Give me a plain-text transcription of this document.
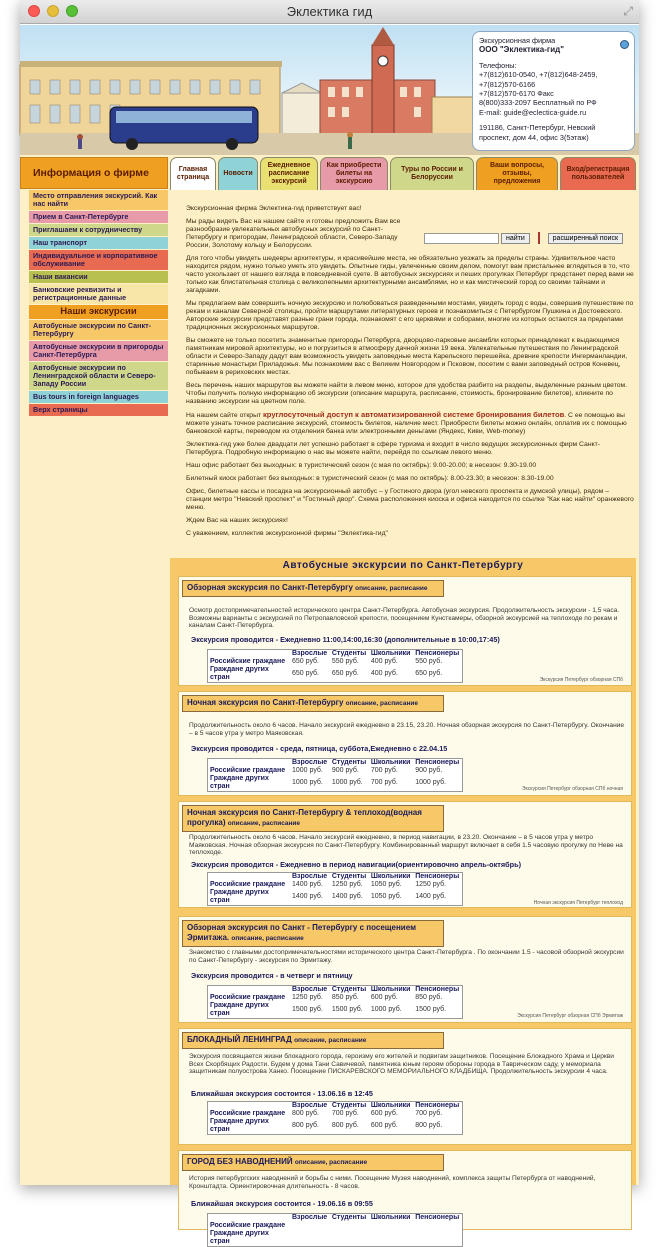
Эклектика гид	⤢
Экскурсионная фирма
ООО "Эклектика-гид"
Телефоны:
+7(812)610-0540, +7(812)648-2459,
+7(812)570-6166
+7(812)570-6170 Факс
8(800)333-2097 Бесплатный по РФ
E-mail: guide@eclectica-guide.ru
191186, Санкт-Петербург, Невский проспект, дом 44, офис 3(5этаж)
Информация о фирме	Главная страница
Новости
Ежедневное расписание экскурсий
Как приобрести билеты на экскурсию
Туры по России и Белоруссии
Ваши вопросы, отзывы, предложения
Вход/регистрация пользователей
Место отправления экскурсий. Как нас найти
Прием в Санкт-Петербурге
Приглашаем к сотрудничеству
Наш транспорт
Индивидуальное и корпоративное обслуживание
Наши вакансии
Банковские реквизиты и регистрационные данные
Наши экскурсии
Автобусные экскурсии по Санкт-Петербургу
Автобусные экскурсии в пригороды Санкт-Петербурга
Автобусные экскурсии по Ленинградской области и Северо-Западу России
Bus tours in foreign languages
Верх страницы
найти	расширенный поиск

Экскурсионная фирма Эклектика-гид приветствует вас!

Мы рады видеть Вас на нашем сайте и готовы предложить Вам все разнообразие увлекательных автобусных экскурсий по Санкт-Петербургу и пригородам, Ленинградской области, Северо-Западу России, Золотому кольцу и Белоруссии.

Для того чтобы увидеть шедевры архитектуры, и красивейшие места, не обязательно уезжать за пределы страны. Удивительное часто находится рядом, нужно только уметь это увидеть. Опытные гиды, увлеченные своим делом, помогут вам пристальнее вглядеться в то, что часто ускользает от нашего взгляда в повседневной суете. В автобусных экскурсиях и пеших прогулках Петербург предстанет перед вами не только как блистательная столица с великолепными архитектурными ансамблями, но и как мистический город со своими тайнами и загадками.

Мы предлагаем вам совершить ночную экскурсию и полюбоваться разведенными мостами, увидеть город с воды, совершив путешествие по рекам и каналам Северной столицы, пройти маршрутами литературных героев и познакомиться с Петербургом Пушкина и Достоевского. Авторские экскурсии представят разные грани города, познакомят с его церквями и соборами, многие из которых остаются за пределами традиционных экскурсионных маршрутов.

Вы сможете не только посетить знаменитые пригороды Петербурга, дворцово-парковые ансамбли которых принадлежат к выдающимся памятникам мировой архитектуры, но и погрузиться в атмосферу дачной жизни 19 века. Увлекательные путешествия по Ленинградской области и Северо-Западу дадут вам возможность увидеть заповедные места Карельского перешейка, древние крепости Ингерманландии, старинные монастыри Приладожья. Мы познакомим вас с Великим Новгородом и Псковом, посетим с вами заповедный остров Коневец, побываем в рериховских местах.

Весь перечень наших маршрутов вы можете найти в левом меню, которое для удобства разбито на разделы, выделенные разным цветом. Чтобы получить полную информацию об экскурсии (описание маршрута, расписание, стоимость, бронирование билетов), кликните по названию экскурсии на цветном поле.

На нашем сайте открыт круглосуточный доступ к автоматизированной системе бронирования билетов. С ее помощью вы можете узнать точное расписание экскурсий, стоимость билетов, наличие мест. Приобрести билеты можно онлайн, оплатив их с помощью банковской карты, переводом из отделения банка или электронными деньгами (Яндекс, Киви, Web-money)

Эклектика-гид уже более двадцати лет успешно работает в сфере туризма и входит в число ведущих экскурсионных фирм Санкт-Петербурга. Подробную информацию о нас вы можете найти, перейдя по ссылкам левого меню.

Наш офис работает без выходных: в туристический сезон (с мая по октябрь): 9.00-20.00; в несезон: 9.30-19.00

Билетный киоск работает без выходных: в туристический сезон (с мая по октябрь): 8.00-23.30; в несезон: 8.30-19.00

Офис, билетные кассы и посадка на экскурсионный автобус – у Гостиного двора (угол невского проспекта и думской улицы), рядом – станции метро "Невский проспект" и "Гостиный двор". Схема расположения киоска и офиса находится по ссылке "Как нас найти" оранжевого меню.

Ждем Вас на наших экскурсиях!

С уважением, коллектив экскурсионной фирмы "Эклектика-гид"

Автобусные экскурсии по Санкт-Петербургу
Обзорная экскурсия по Санкт-Петербургу описание, расписание
Осмотр достопримечательностей исторического центра Санкт-Петербурга. Автобусная экскурсия. Продолжительность экскурсии - 1,5 часа. Возможны варианты с экскурсией по Петропавловской крепости, посещением Кунсткамеры, обзорной экскурсией на теплоходе по рекам и каналам Санкт-Петербурга.
Экскурсия проводится - Ежедневно 11:00,14:00,16:30 (дополнительные в 10:00,17:45)
	Взрослые	Студенты	Школьники	Пенсионеры
Российские граждане	650 руб.	550 руб.	400 руб.	550 руб.
Граждане других стран	650 руб.	650 руб.	400 руб.	650 руб.
Экскурсия Петербург обзорная СПб
Ночная экскурсия по Санкт-Петербургу описание, расписание
Продолжительность около 6 часов. Начало экскурсий ежедневно в 23.15, 23.20. Ночная обзорная экскурсия по Санкт-Петербургу. Окончание – в 5 часов утра у метро Маяковская.
Экскурсия проводится - среда, пятница, суббота,Ежедневно с 22.04.15
	Взрослые	Студенты	Школьники	Пенсионеры
Российские граждане	1000 руб.	900 руб.	700 руб.	900 руб.
Граждане других стран	1000 руб.	1000 руб.	700 руб.	1000 руб.
Экскурсия Петербург обзорная СПб ночная
Ночная экскурсия по Санкт-Петербургу & теплоход(водная прогулка) описание, расписание
Продолжительность около 6 часов. Начало экскурсий ежедневно, в период навигации, в 23.20. Окончание – в 5 часов утра у метро Маяковская. Ночная обзорная экскурсия по Санкт-Петербургу. Комбинированный маршрут включает в себя 1.5 часовую прогулку по Неве на теплоходе.
Экскурсия проводится - Ежедневно в период навигации(ориентировочно апрель-октябрь)
	Взрослые	Студенты	Школьники	Пенсионеры
Российские граждане	1400 руб.	1250 руб.	1050 руб.	1250 руб.
Граждане других стран	1400 руб.	1400 руб.	1050 руб.	1400 руб.
Ночная экскурсия Петербург теплоход
Обзорная экскурсия по Санкт - Петербургу с посещением Эрмитажа. описание, расписание
Знакомство с главными достопримечательностями исторического центра Санкт-Петербурга . По окончании 1.5 - часовой обзорной экскурсии по Санкт-Петербургу - экскурсия по Эрмитажу.
Экскурсия проводится - в четверг и пятницу
	Взрослые	Студенты	Школьники	Пенсионеры
Российские граждане	1250 руб.	850 руб.	600 руб.	850 руб.
Граждане других стран	1500 руб.	1500 руб.	1000 руб.	1500 руб.
Экскурсия Петербург обзорная СПб Эрмитаж
БЛОКАДНЫЙ ЛЕНИНГРАД описание, расписание
Экскурсия посвящается жизни блокадного города, героизму его жителей и подвигам защитников. Посещение Блокадного Храма и Церкви Всех Скорбящих Радости. Будем у дома Тани Савичевой, памятника юным героям обороны города в Таврическом саду, у мемориала защитникам полуострова Ханко. Посещение ПИСКАРЕВСКОГО МЕМОРИАЛЬНОГО КЛАДБИЩА. Продолжительность экскурсии 4 часа.
Ближайшая экскурсия состоится - 13.06.16 в 12:45
	Взрослые	Студенты	Школьники	Пенсионеры
Российские граждане	800 руб.	700 руб.	600 руб.	700 руб.
Граждане других стран	800 руб.	800 руб.	600 руб.	800 руб.
ГОРОД БЕЗ НАВОДНЕНИЙ описание, расписание
История петербургских наводнений и борьбы с ними. Посещение Музея наводнений, комплекса защиты Петербурга от наводнений, Кронштадта. Ориентировочная длительность - 8 часов.
Ближайшая экскурсия состоится - 19.06.16 в 09:55
	Взрослые	Студенты	Школьники	Пенсионеры
Российские граждане				
Граждане других стран				
